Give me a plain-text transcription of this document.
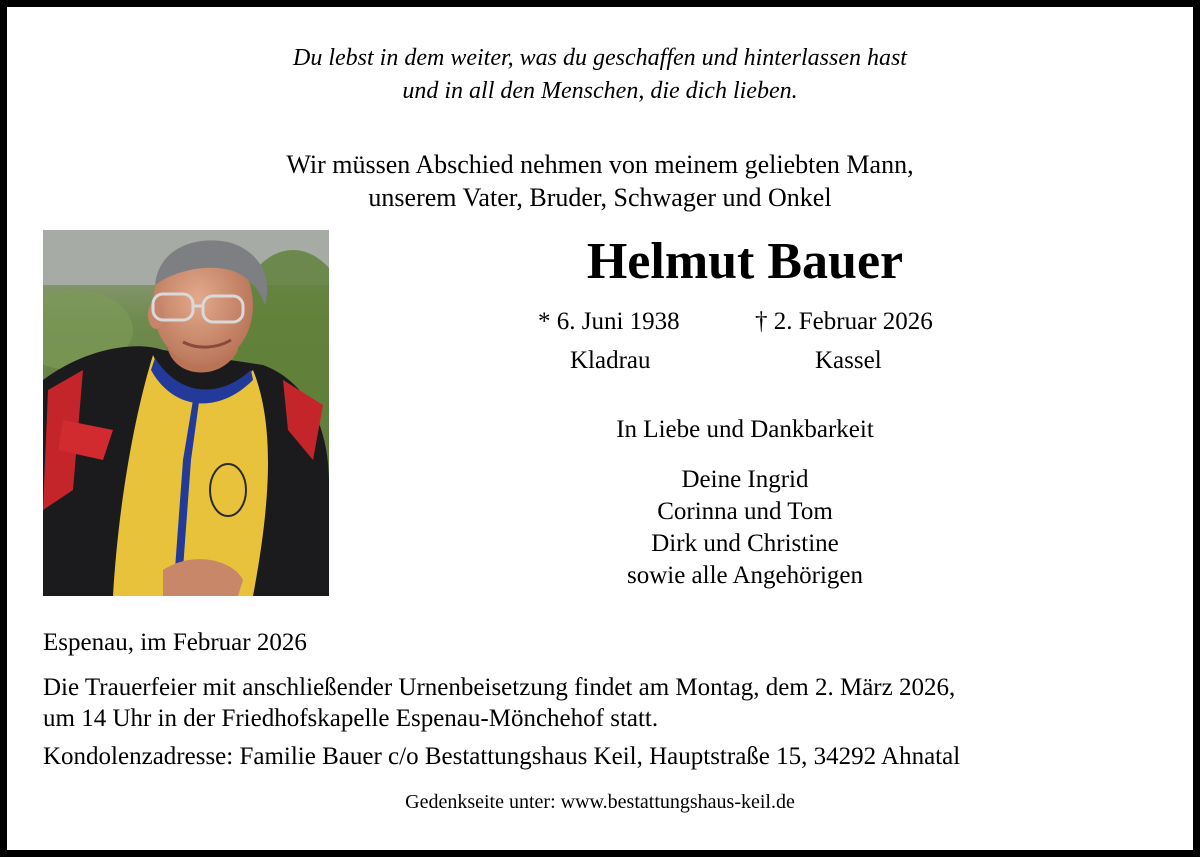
Du lebst in dem weiter, was du geschaffen und hinterlassen hast
und in all den Menschen, die dich lieben.
Wir müssen Abschied nehmen von meinem geliebten Mann,
unserem Vater, Bruder, Schwager und Onkel
Helmut Bauer
* 6. Juni 1938	† 2. Februar 2026
Kladrau	Kassel
In Liebe und Dankbarkeit
Deine Ingrid
Corinna und Tom
Dirk und Christine
sowie alle Angehörigen
Espenau, im Februar 2026
Die Trauerfeier mit anschließender Urnenbeisetzung findet am Montag, dem 2. März 2026,
um 14 Uhr in der Friedhofskapelle Espenau-Mönchehof statt.
Kondolenzadresse: Familie Bauer c/o Bestattungshaus Keil, Hauptstraße 15, 34292 Ahnatal
Gedenkseite unter: www.bestattungshaus-keil.de
